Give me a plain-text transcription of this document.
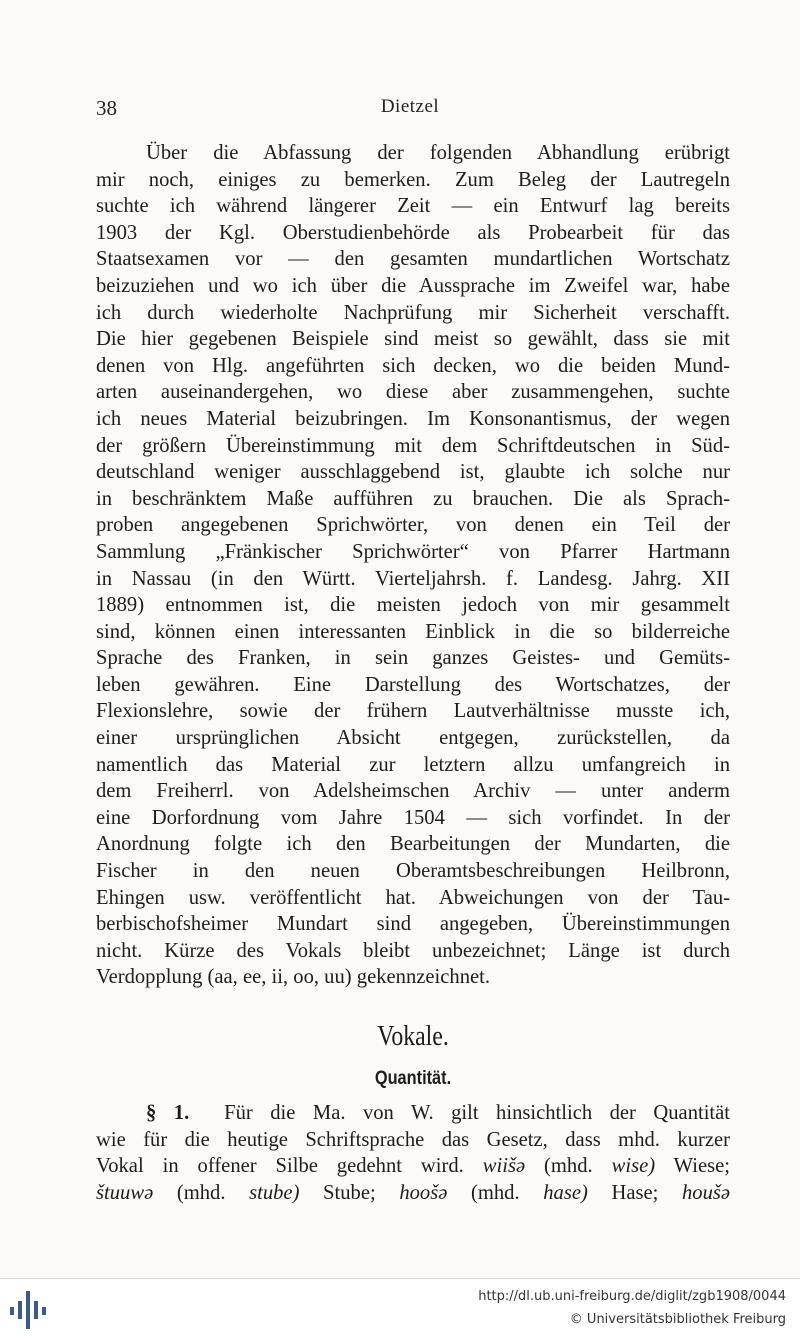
38	Dietzel
Über die Abfassung der folgenden Abhandlung erübrigt
mir noch, einiges zu bemerken. Zum Beleg der Lautregeln
suchte ich während längerer Zeit — ein Entwurf lag bereits
1903 der Kgl. Oberstudienbehörde als Probearbeit für das
Staatsexamen vor — den gesamten mundartlichen Wortschatz
beizuziehen und wo ich über die Aussprache im Zweifel war, habe
ich durch wiederholte Nachprüfung mir Sicherheit verschafft.
Die hier gegebenen Beispiele sind meist so gewählt, dass sie mit
denen von Hlg. angeführten sich decken, wo die beiden Mund-
arten auseinandergehen, wo diese aber zusammengehen, suchte
ich neues Material beizubringen. Im Konsonantismus, der wegen
der größern Übereinstimmung mit dem Schriftdeutschen in Süd-
deutschland weniger ausschlaggebend ist, glaubte ich solche nur
in beschränktem Maße aufführen zu brauchen. Die als Sprach-
proben angegebenen Sprichwörter, von denen ein Teil der
Sammlung „Fränkischer Sprichwörter“ von Pfarrer Hartmann
in Nassau (in den Württ. Vierteljahrsh. f. Landesg. Jahrg. XII
1889) entnommen ist, die meisten jedoch von mir gesammelt
sind, können einen interessanten Einblick in die so bilderreiche
Sprache des Franken, in sein ganzes Geistes- und Gemüts-
leben gewähren. Eine Darstellung des Wortschatzes, der
Flexionslehre, sowie der frühern Lautverhältnisse musste ich,
einer ursprünglichen Absicht entgegen, zurückstellen, da
namentlich das Material zur letztern allzu umfangreich in
dem Freiherrl. von Adelsheimschen Archiv — unter anderm
eine Dorfordnung vom Jahre 1504 — sich vorfindet. In der
Anordnung folgte ich den Bearbeitungen der Mundarten, die
Fischer in den neuen Oberamtsbeschreibungen Heilbronn,
Ehingen usw. veröffentlicht hat. Abweichungen von der Tau-
berbischofsheimer Mundart sind angegeben, Übereinstimmungen
nicht. Kürze des Vokals bleibt unbezeichnet; Länge ist durch
Verdopplung (aa, ee, ii, oo, uu) gekennzeichnet.
Vokale.
Quantität.
§ 1. Für die Ma. von W. gilt hinsichtlich der Quantität
wie für die heutige Schriftsprache das Gesetz, dass mhd. kurzer
Vokal in offener Silbe gedehnt wird. wiišə (mhd. wise) Wiese;
štuuwə (mhd. stube) Stube; hoošə (mhd. hase) Hase; houšə
http://dl.ub.uni-freiburg.de/diglit/zgb1908/0044
© Universitätsbibliothek Freiburg
